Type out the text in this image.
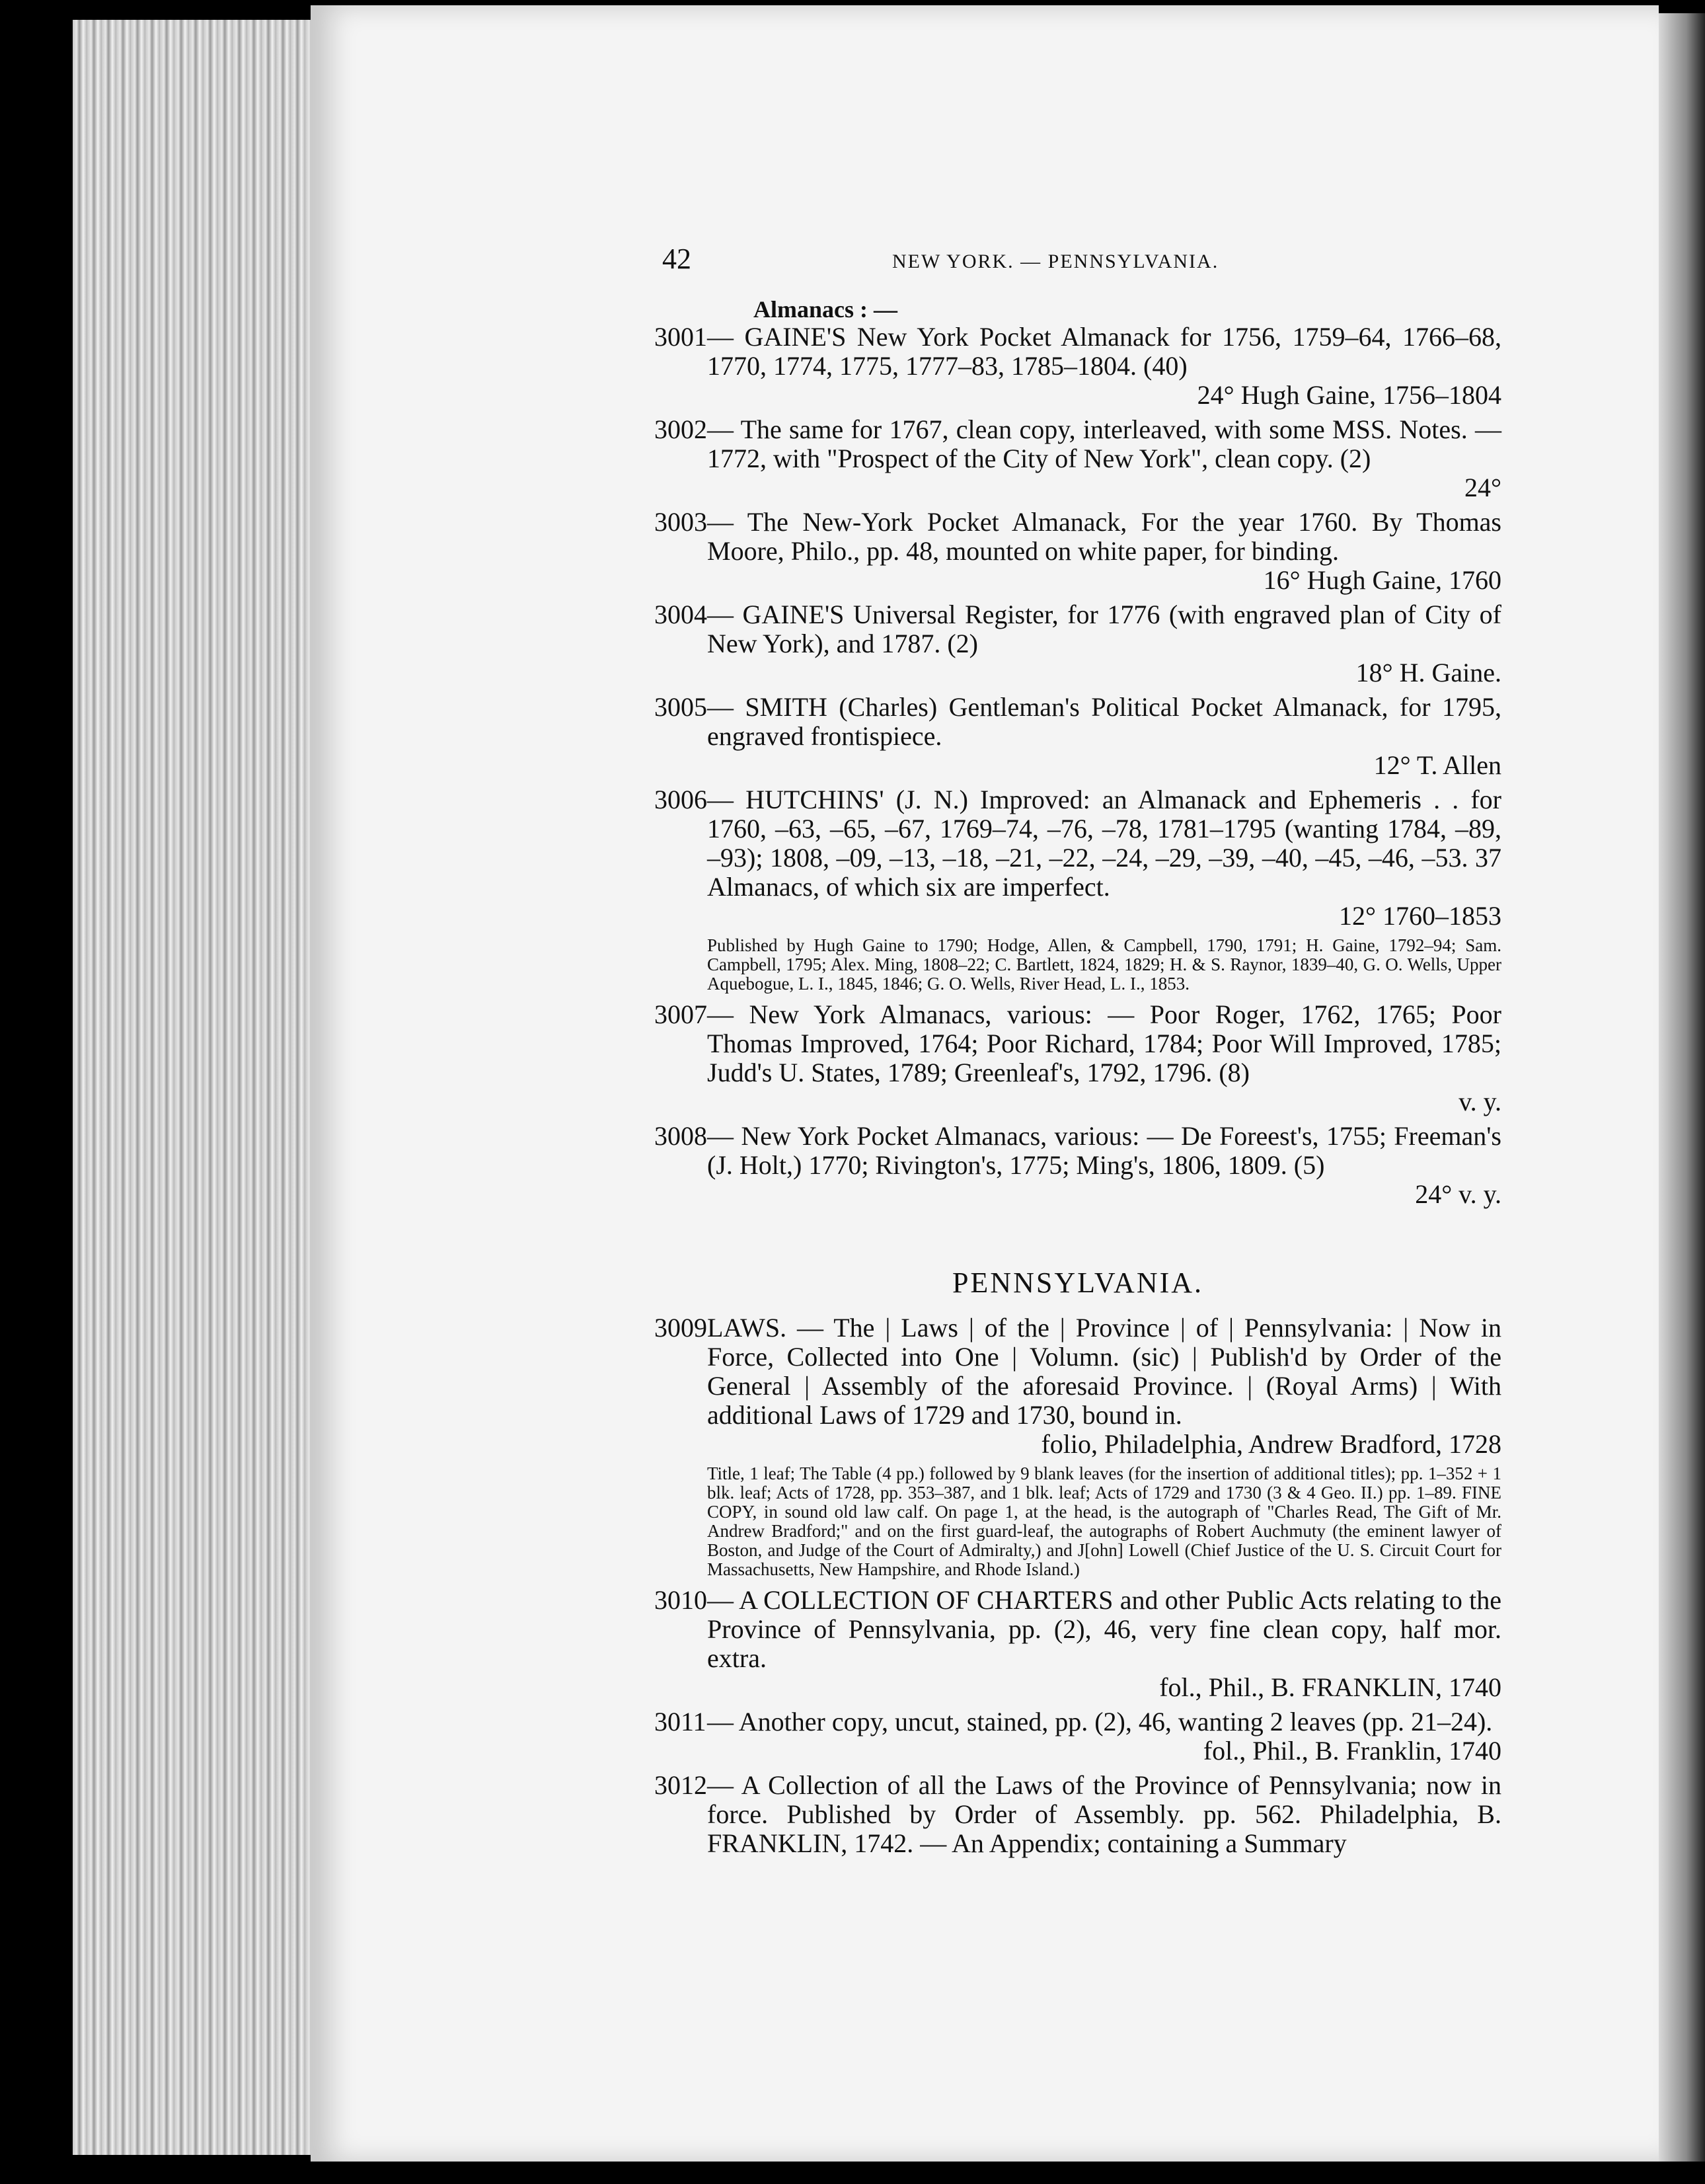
42	NEW YORK. — PENNSYLVANIA.
Almanacs : —
3001 — GAINE'S New York Pocket Almanack for 1756, 1759–64, 1766–68, 1770, 1774, 1775, 1777–83, 1785–1804. (40)
24° Hugh Gaine, 1756–1804
3002 — The same for 1767, clean copy, interleaved, with some MSS. Notes. — 1772, with "Prospect of the City of New York", clean copy. (2)
24°
3003 — The New-York Pocket Almanack, For the year 1760. By Thomas Moore, Philo., pp. 48, mounted on white paper, for binding.
16° Hugh Gaine, 1760
3004 — GAINE'S Universal Register, for 1776 (with engraved plan of City of New York), and 1787. (2)
18° H. Gaine.
3005 — SMITH (Charles) Gentleman's Political Pocket Almanack, for 1795, engraved frontispiece.
12° T. Allen
3006 — HUTCHINS' (J. N.) Improved: an Almanack and Ephemeris . . for 1760, –63, –65, –67, 1769–74, –76, –78, 1781–1795 (wanting 1784, –89, –93); 1808, –09, –13, –18, –21, –22, –24, –29, –39, –40, –45, –46, –53. 37 Almanacs, of which six are imperfect.
12° 1760–1853
Published by Hugh Gaine to 1790; Hodge, Allen, & Campbell, 1790, 1791; H. Gaine, 1792–94; Sam. Campbell, 1795; Alex. Ming, 1808–22; C. Bartlett, 1824, 1829; H. & S. Raynor, 1839–40, G. O. Wells, Upper Aquebogue, L. I., 1845, 1846; G. O. Wells, River Head, L. I., 1853.
3007 — New York Almanacs, various: — Poor Roger, 1762, 1765; Poor Thomas Improved, 1764; Poor Richard, 1784; Poor Will Improved, 1785; Judd's U. States, 1789; Greenleaf's, 1792, 1796. (8)
v. y.
3008 — New York Pocket Almanacs, various: — De Foreest's, 1755; Freeman's (J. Holt,) 1770; Rivington's, 1775; Ming's, 1806, 1809. (5)
24° v. y.
PENNSYLVANIA.
3009 LAWS. — The | Laws | of the | Province | of | Pennsylvania: | Now in Force, Collected into One | Volumn. (sic) | Publish'd by Order of the General | Assembly of the aforesaid Province. | (Royal Arms) | With additional Laws of 1729 and 1730, bound in.
folio, Philadelphia, Andrew Bradford, 1728
Title, 1 leaf; The Table (4 pp.) followed by 9 blank leaves (for the insertion of additional titles); pp. 1–352 + 1 blk. leaf; Acts of 1728, pp. 353–387, and 1 blk. leaf; Acts of 1729 and 1730 (3 & 4 Geo. II.) pp. 1–89. FINE COPY, in sound old law calf. On page 1, at the head, is the autograph of "Charles Read, The Gift of Mr. Andrew Bradford;" and on the first guard-leaf, the autographs of Robert Auchmuty (the eminent lawyer of Boston, and Judge of the Court of Admiralty,) and J[ohn] Lowell (Chief Justice of the U. S. Circuit Court for Massachusetts, New Hampshire, and Rhode Island.)
3010 — A COLLECTION OF CHARTERS and other Public Acts relating to the Province of Pennsylvania, pp. (2), 46, very fine clean copy, half mor. extra.
fol., Phil., B. FRANKLIN, 1740
3011 — Another copy, uncut, stained, pp. (2), 46, wanting 2 leaves (pp. 21–24).
fol., Phil., B. Franklin, 1740
3012 — A Collection of all the Laws of the Province of Pennsylvania; now in force. Published by Order of Assembly. pp. 562. Philadelphia, B. FRANKLIN, 1742. — An Appendix; containing a Summary
